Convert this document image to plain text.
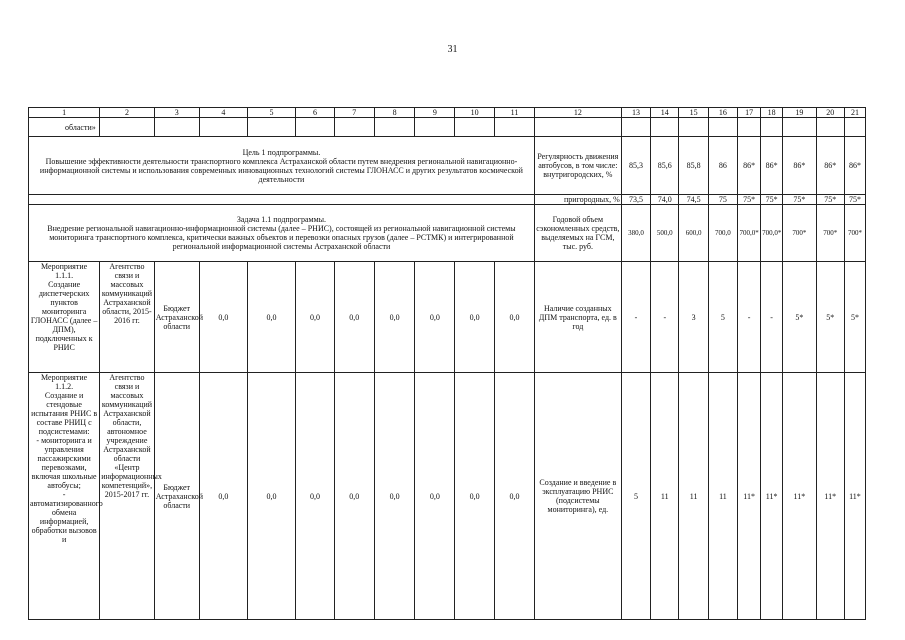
31
1	2	3	4	5	6	7	8	9	10	11	12	13	14	15	16	17	18	19	20	21
области»																				

Цель 1 подпрограммы.
Повышение эффективности деятельности транспортного комплекса Астраханской области путем внедрения региональной навигационно-информационной системы и использования современных инновационных технологий системы ГЛОНАСС и других результатов космической деятельности											Регулярность движения автобусов, в том числе: внутригородских, %	85,3	85,6	85,8	86	86*	86*	86*	86*	86*
											пригородных, %	73,5	74,0	74,5	75	75*	75*	75*	75*	75*

Задача 1.1 подпрограммы.
Внедрение региональной навигационно-информационной системы (далее – РНИС), состоящей из региональной навигационной системы мониторинга транспортного комплекса, критически важных объектов и перевозки опасных грузов (далее – РСТМК) и интегрированной региональной информационной системы Астраханской области											Годовой объем сэкономленных средств, выделяемых на ГСМ, тыс. руб.	380,0	500,0	600,0	700,0	700,0*	700,0*	700*	700*	700*
Мероприятие
1.1.1.
Создание диспетчерских пунктов мониторинга ГЛОНАСС (далее – ДПМ), подключенных к РНИС	Агентство связи и массовых коммуникаций Астраханской области, 2015-2016 гг.	Бюджет Астраханской области	0,0	0,0	0,0	0,0	0,0	0,0	0,0	0,0	Наличие созданных ДПМ транспорта, ед. в год	-	-	3	5	-	-	5*	5*	5*
Мероприятие
1.1.2.
Создание и стендовые испытания РНИС в составе РНИЦ с подсистемами:
- мониторинга и управления пассажирскими перевозками, включая школьные автобусы;
- автоматизированного обмена информацией, обработки вызовов и	Агентство связи и массовых коммуникаций Астраханской области, автономное учреждение Астраханской области «Центр информационных компетенций», 2015-2017 гг.	Бюджет Астраханской области	0,0	0,0	0,0	0,0	0,0	0,0	0,0	0,0	Создание и введение в эксплуатацию РНИС (подсистемы мониторинга), ед.	5	11	11	11	11*	11*	11*	11*	11*
